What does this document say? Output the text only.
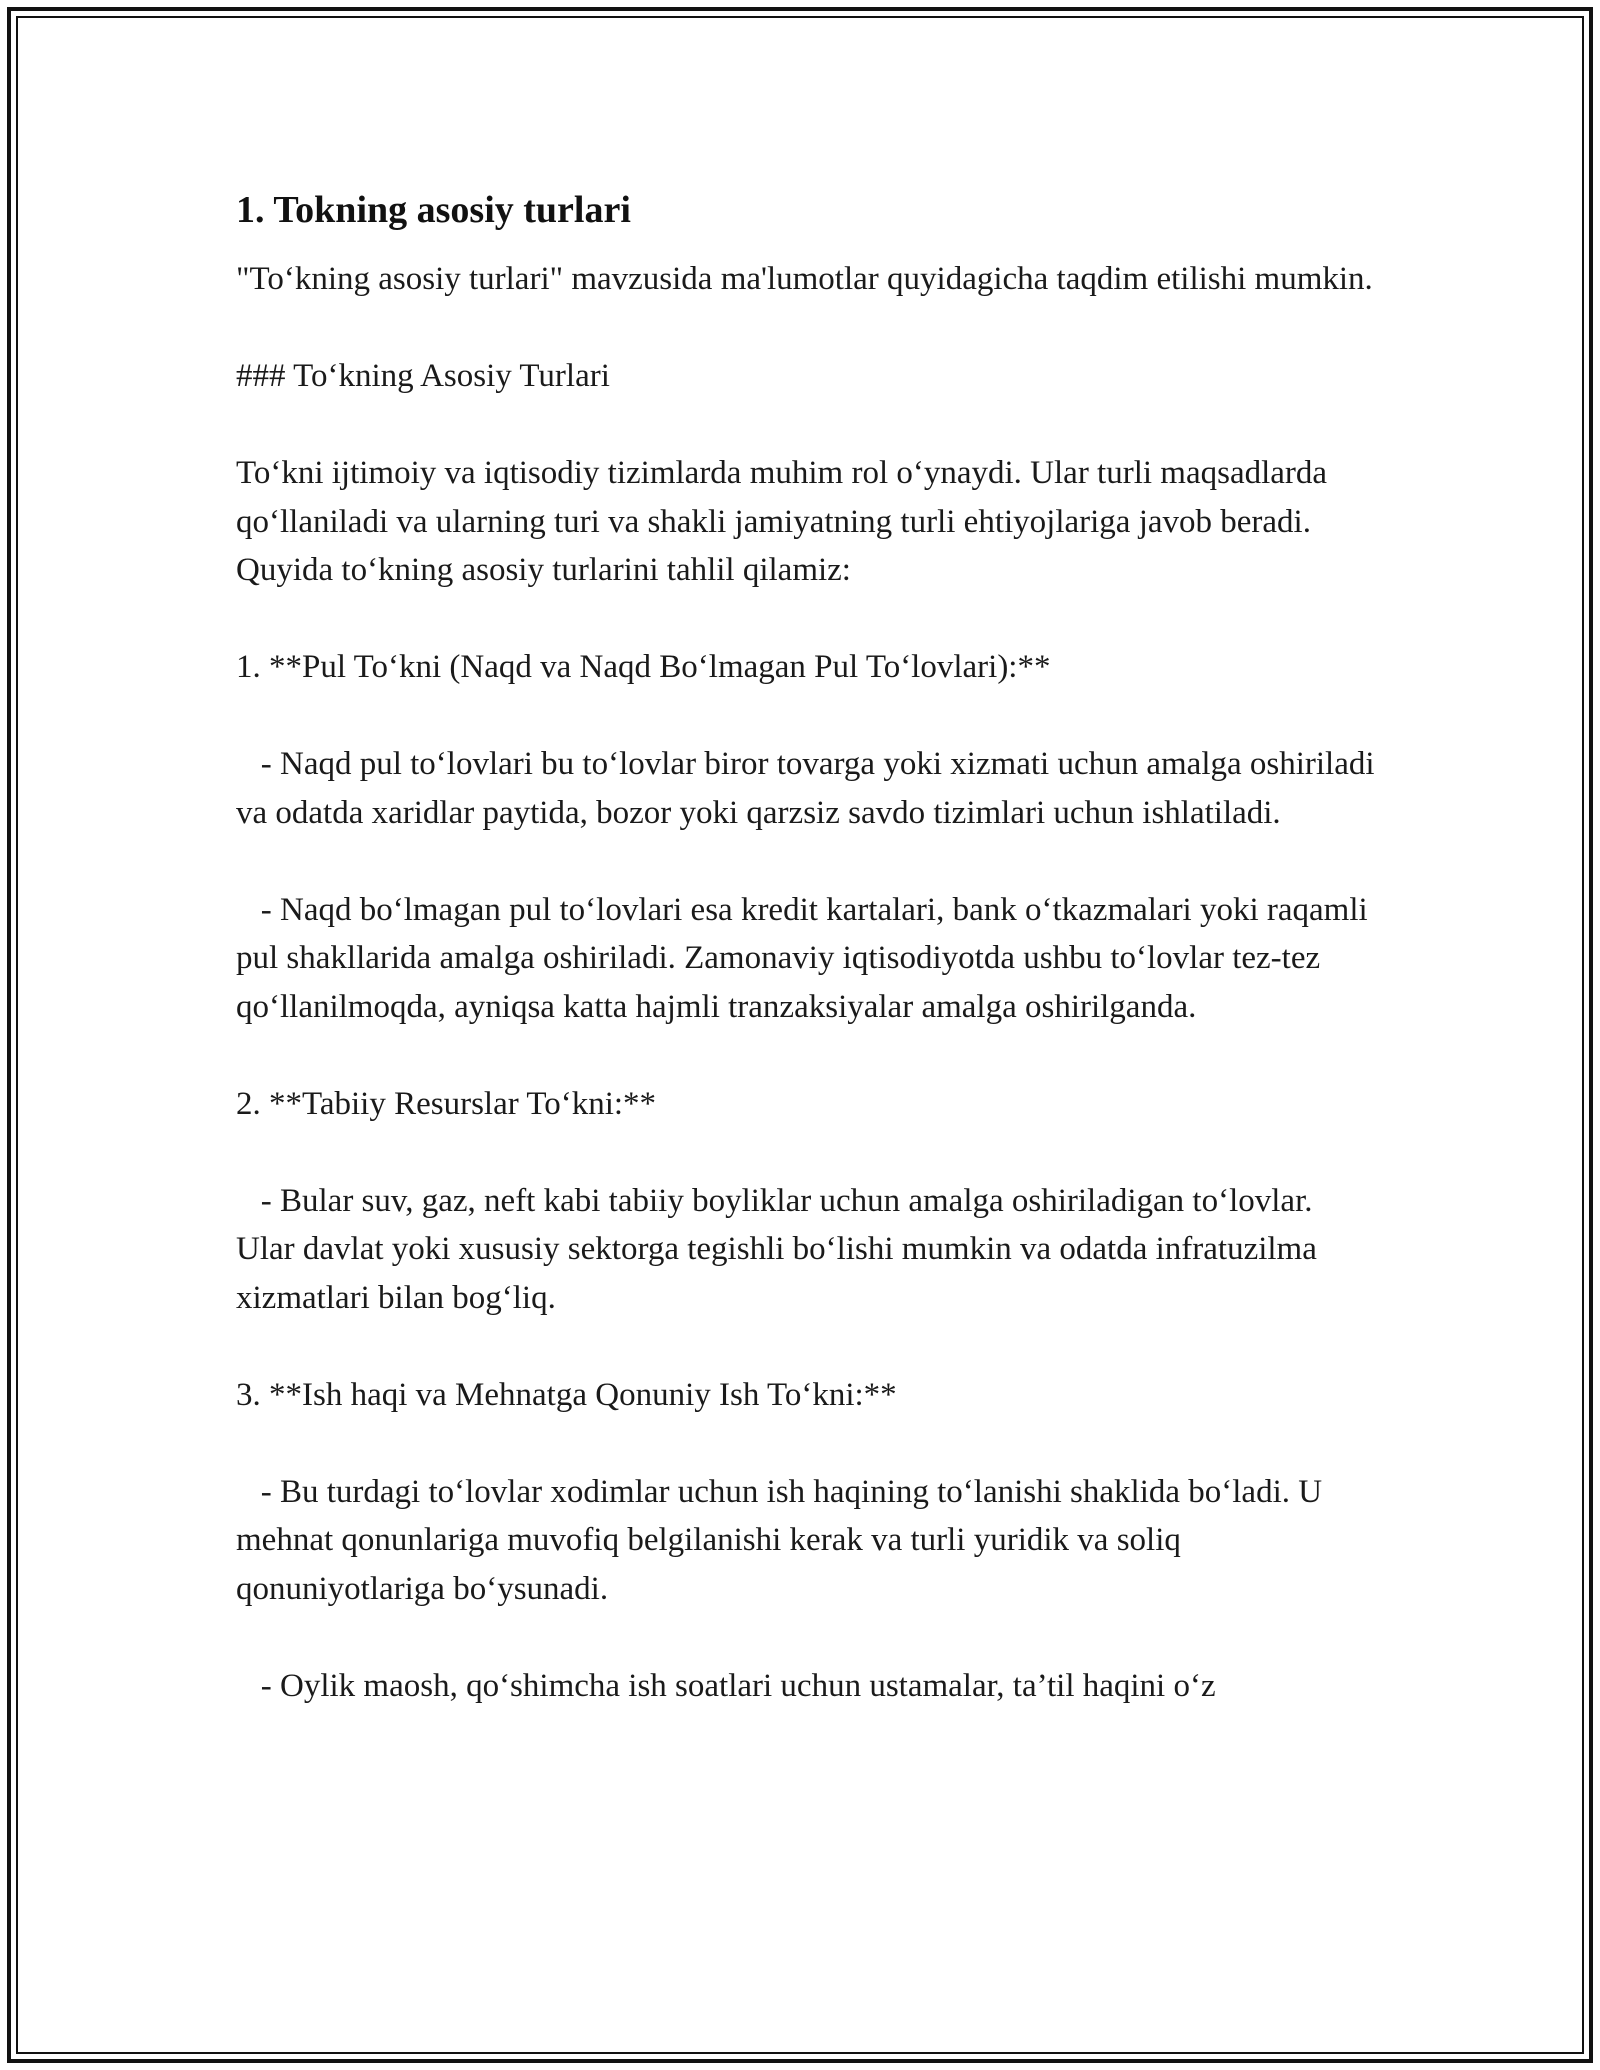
1. Tokning asosiy turlari

"To‘kning asosiy turlari" mavzusida ma'lumotlar quyidagicha taqdim etilishi mumkin.

### To‘kning Asosiy Turlari

To‘kni ijtimoiy va iqtisodiy tizimlarda muhim rol o‘ynaydi. Ular turli maqsadlarda qo‘llaniladi va ularning turi va shakli jamiyatning turli ehtiyojlariga javob beradi. Quyida to‘kning asosiy turlarini tahlil qilamiz:

1. **Pul To‘kni (Naqd va Naqd Bo‘lmagan Pul To‘lovlari):**

- Naqd pul to‘lovlari bu to‘lovlar biror tovarga yoki xizmati uchun amalga oshiriladi va odatda xaridlar paytida, bozor yoki qarzsiz savdo tizimlari uchun ishlatiladi.

- Naqd bo‘lmagan pul to‘lovlari esa kredit kartalari, bank o‘tkazmalari yoki raqamli pul shakllarida amalga oshiriladi. Zamonaviy iqtisodiyotda ushbu to‘lovlar tez-tez qo‘llanilmoqda, ayniqsa katta hajmli tranzaksiyalar amalga oshirilganda.

2. **Tabiiy Resurslar To‘kni:**

- Bular suv, gaz, neft kabi tabiiy boyliklar uchun amalga oshiriladigan to‘lovlar. Ular davlat yoki xususiy sektorga tegishli bo‘lishi mumkin va odatda infratuzilma xizmatlari bilan bog‘liq.

3. **Ish haqi va Mehnatga Qonuniy Ish To‘kni:**

- Bu turdagi to‘lovlar xodimlar uchun ish haqining to‘lanishi shaklida bo‘ladi. U mehnat qonunlariga muvofiq belgilanishi kerak va turli yuridik va soliq qonuniyotlariga bo‘ysunadi.

- Oylik maosh, qo‘shimcha ish soatlari uchun ustamalar, ta’til haqini o‘z
